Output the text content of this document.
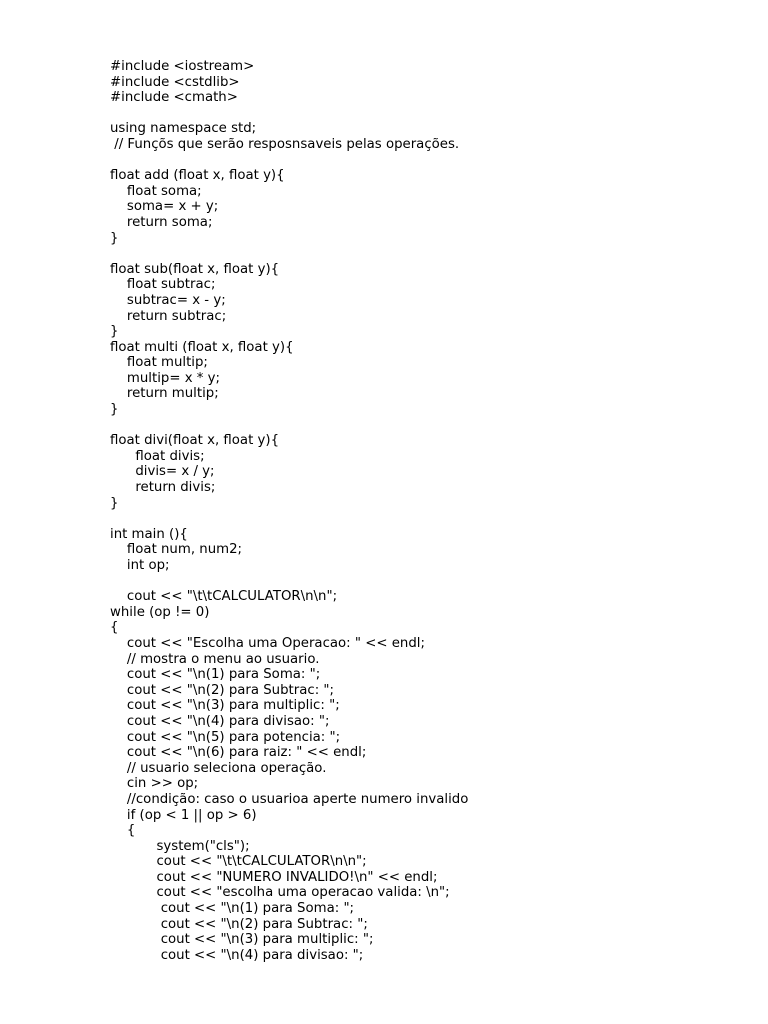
#include <iostream>
#include <cstdlib>
#include <cmath>
using namespace std;
// Funçõs que serão resposnsaveis pelas operações.
float add (float x, float y){
float soma;
soma= x + y;
return soma;
}
float sub(float x, float y){
float subtrac;
subtrac= x - y;
return subtrac;
}
float multi (float x, float y){
float multip;
multip= x * y;
return multip;
}
float divi(float x, float y){
float divis;
divis= x / y;
return divis;
}
int main (){
float num, num2;
int op;
cout << "\t\tCALCULATOR\n\n";
while (op != 0)
{
cout << "Escolha uma Operacao: " << endl;
// mostra o menu ao usuario.
cout << "\n(1) para Soma: ";
cout << "\n(2) para Subtrac: ";
cout << "\n(3) para multiplic: ";
cout << "\n(4) para divisao: ";
cout << "\n(5) para potencia: ";
cout << "\n(6) para raiz: " << endl;
// usuario seleciona operação.
cin >> op;
//condição: caso o usuarioa aperte numero invalido
if (op < 1 || op > 6)
{
system("cls");
cout << "\t\tCALCULATOR\n\n";
cout << "NUMERO INVALIDO!\n" << endl;
cout << "escolha uma operacao valida: \n";
cout << "\n(1) para Soma: ";
cout << "\n(2) para Subtrac: ";
cout << "\n(3) para multiplic: ";
cout << "\n(4) para divisao: ";
